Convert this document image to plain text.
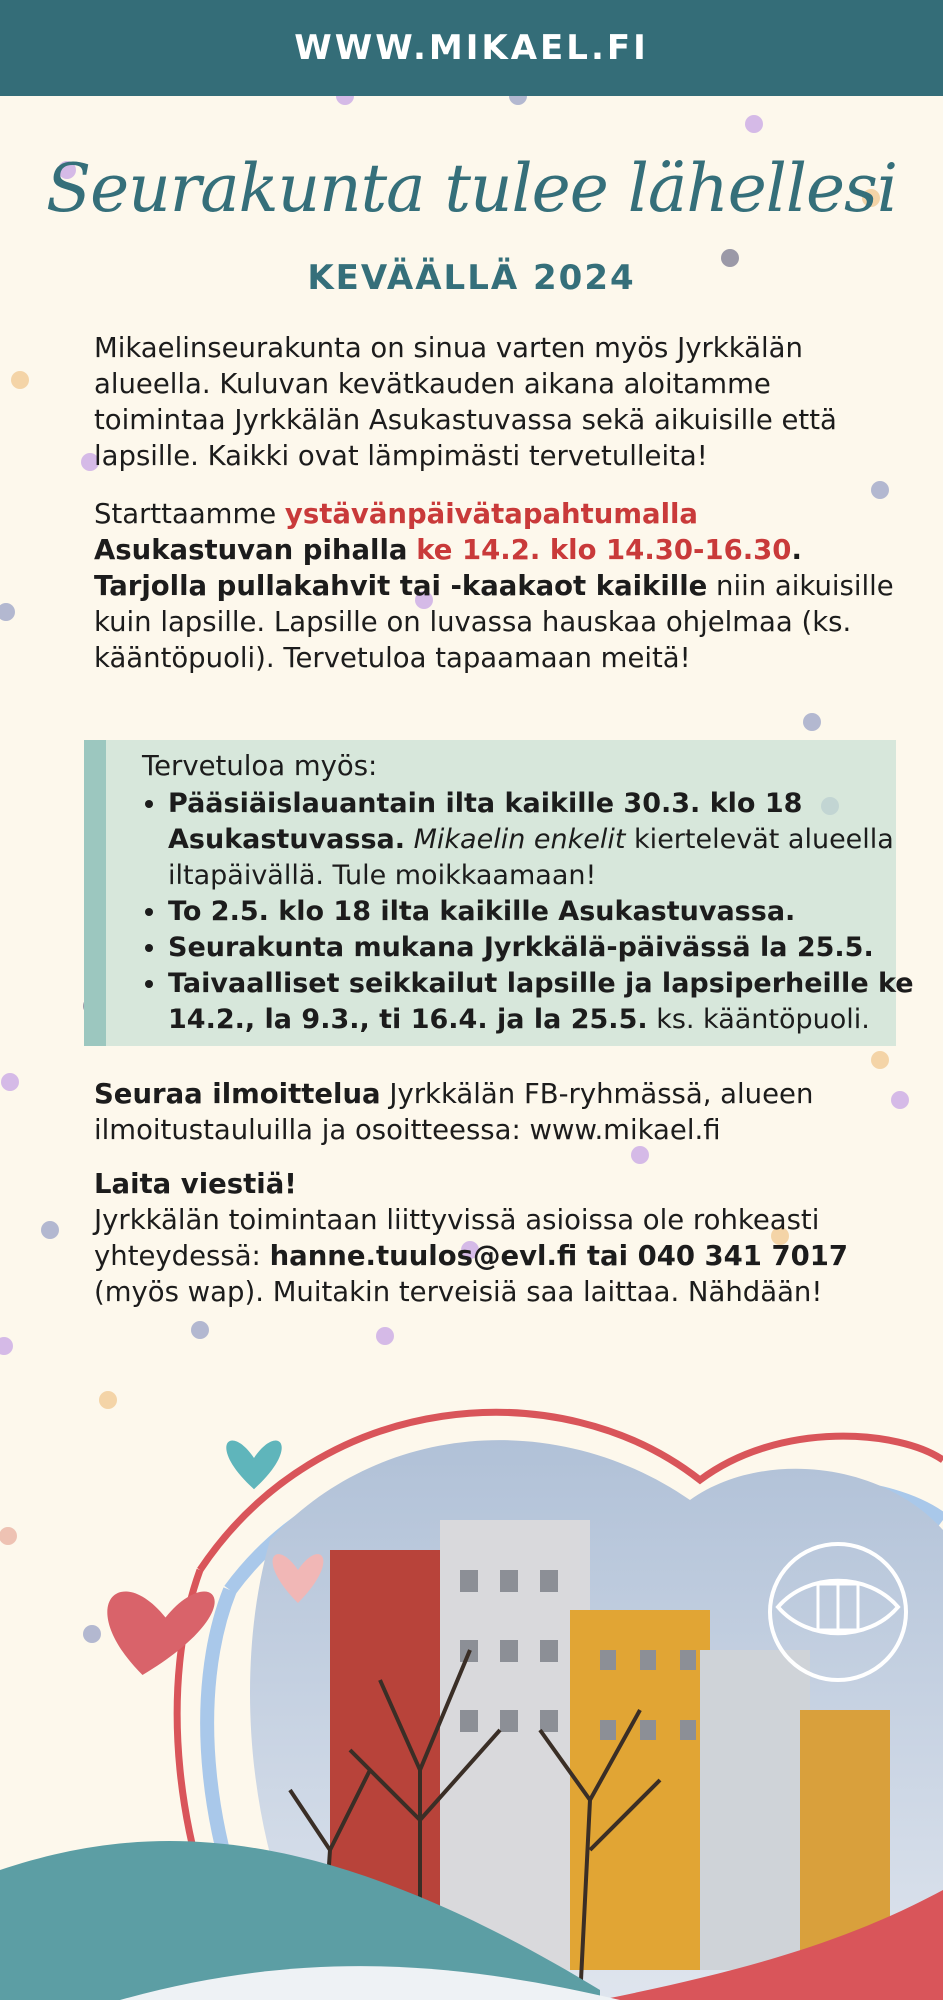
WWW.MIKAEL.FI
Seurakunta tulee lähellesi
KEVÄÄLLÄ 2024
Mikaelinseurakunta on sinua varten myös Jyrkkälän alueella. Kuluvan kevätkauden aikana aloitamme toimintaa Jyrkkälän Asukastuvassa sekä aikuisille että lapsille. Kaikki ovat lämpimästi tervetulleita!
Starttaamme ystävänpäivätapahtumalla Asukastuvan pihalla ke 14.2. klo 14.30-16.30. Tarjolla pullakahvit tai -kaakaot kaikille niin aikuisille kuin lapsille. Lapsille on luvassa hauskaa ohjelmaa (ks. kääntöpuoli). Tervetuloa tapaamaan meitä!
Tervetuloa myös:
• Pääsiäislauantain ilta kaikille 30.3. klo 18 Asukastuvassa. Mikaelin enkelit kiertelevät alueella iltapäivällä. Tule moikkaamaan!
• To 2.5. klo 18 ilta kaikille Asukastuvassa.
• Seurakunta mukana Jyrkkälä-päivässä la 25.5.
• Taivaalliset seikkailut lapsille ja lapsiperheille ke 14.2., la 9.3., ti 16.4. ja la 25.5. ks. kääntöpuoli.
Seuraa ilmoittelua Jyrkkälän FB-ryhmässä, alueen ilmoitustauluilla ja osoitteessa: www.mikael.fi
Laita viestiä!
Jyrkkälän toimintaan liittyvissä asioissa ole rohkeasti yhteydessä: hanne.tuulos@evl.fi tai 040 341 7017 (myös wap). Muitakin terveisiä saa laittaa. Nähdään!
